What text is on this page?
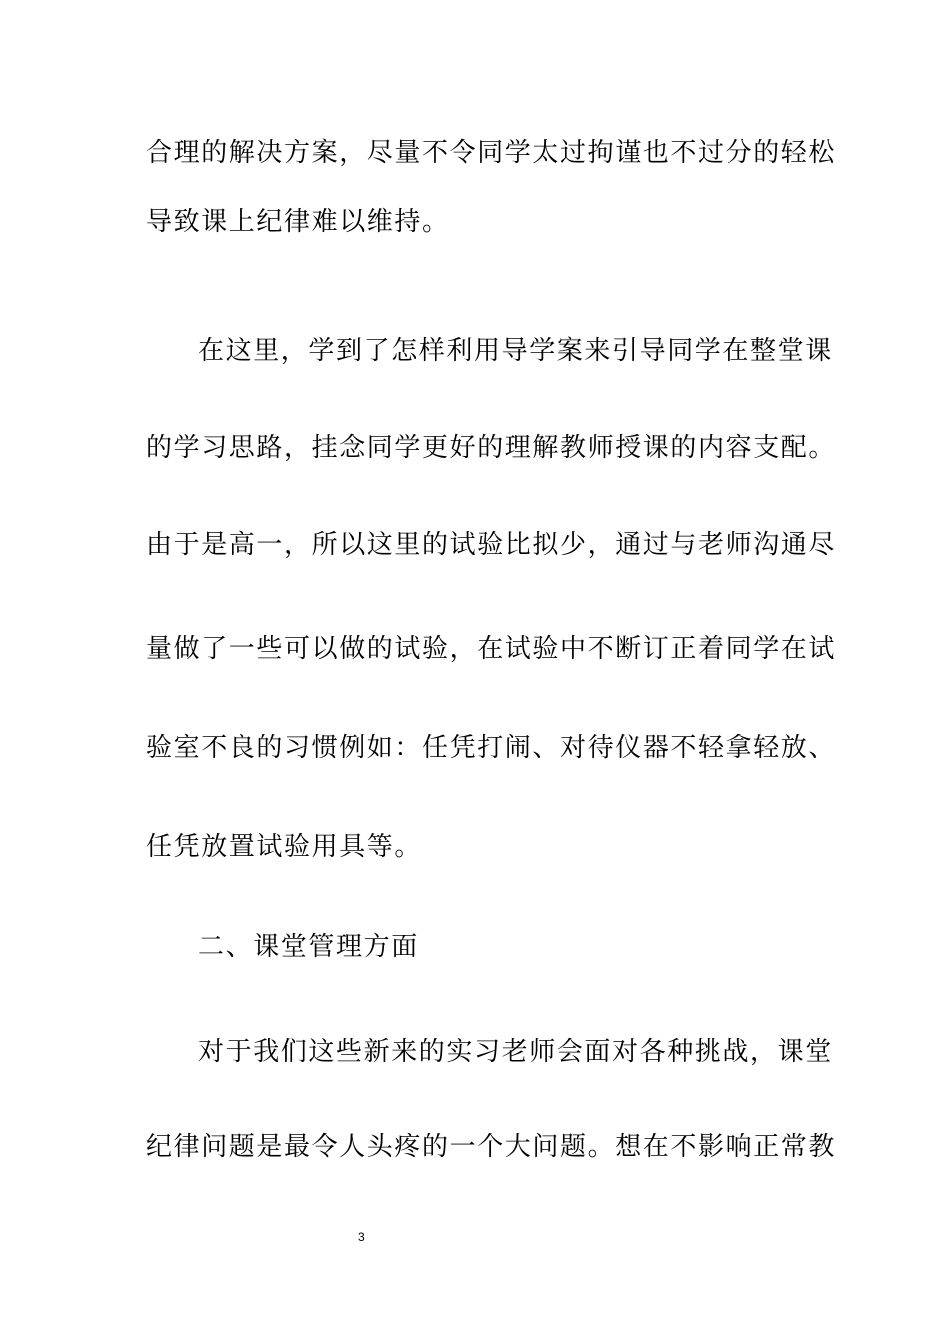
合理的解决方案，尽量不令同学太过拘谨也不过分的轻松
导致课上纪律难以维持。
在这里，学到了怎样利用导学案来引导同学在整堂课
的学习思路，挂念同学更好的理解教师授课的内容支配。
由于是高一，所以这里的试验比拟少，通过与老师沟通尽
量做了一些可以做的试验，在试验中不断订正着同学在试
验室不良的习惯例如：任凭打闹、对待仪器不轻拿轻放、
任凭放置试验用具等。
二、课堂管理方面
对于我们这些新来的实习老师会面对各种挑战，课堂
纪律问题是最令人头疼的一个大问题。想在不影响正常教
3
